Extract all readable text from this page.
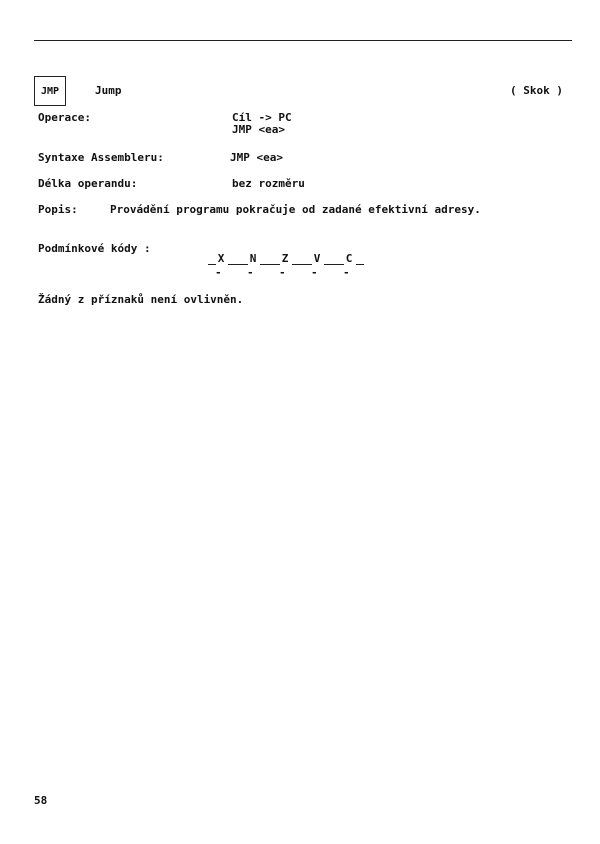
JMP	Jump	( Skok )
Operace:	Cíl -> PC
JMP <ea>
Syntaxe Assembleru:	JMP <ea>
Délka operandu:	bez rozměru
Popis:	Provádění programu pokračuje od zadané efektivní adresy.
Podmínkové kódy :
X	N	Z	V	C
- - - - -
Žádný z příznaků není ovlivněn.
58
